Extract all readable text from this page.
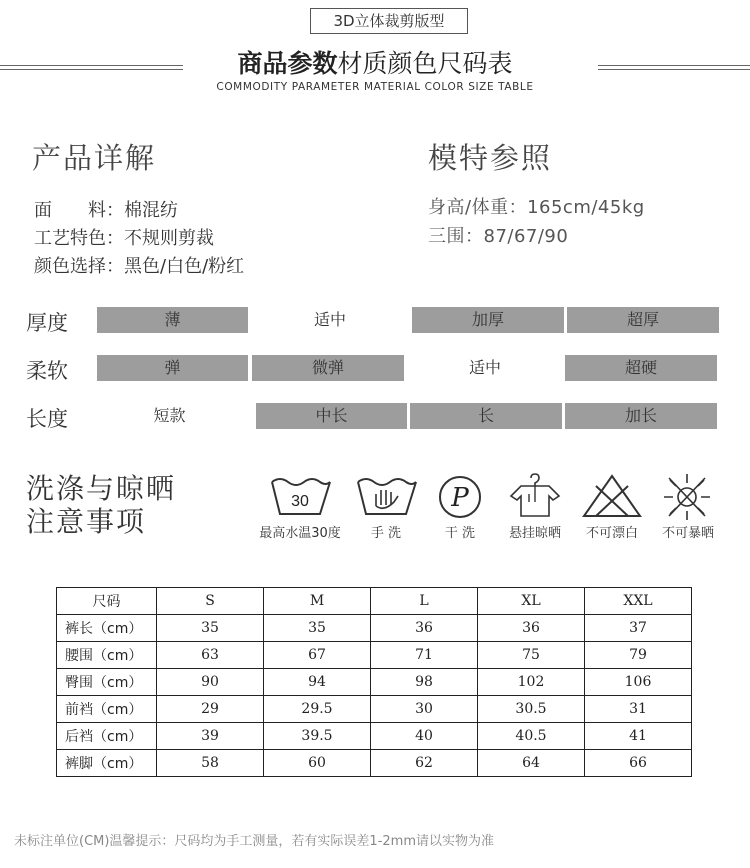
3D立体裁剪版型
商品参数材质颜色尺码表
COMMODITY PARAMETER MATERIAL COLOR SIZE TABLE
产品详解
面　　料：棉混纺
工艺特色：不规则剪裁
颜色选择：黑色/白色/粉红
模特参照
身高/体重：165cm/45kg
三围：87/67/90
厚度	薄	适中	加厚	超厚
柔软	弹	微弹	适中	超硬
长度	短款	中长	长	加长
洗涤与晾晒
注意事项
30
最高水温30度	手 洗
P
干 洗	悬挂晾晒	不可漂白	不可暴晒
尺码	S	M	L	XL	XXL
裤长（cm）	35	35	36	36	37
腰围（cm）	63	67	71	75	79
臀围（cm）	90	94	98	102	106
前裆（cm）	29	29.5	30	30.5	31
后裆（cm）	39	39.5	40	40.5	41
裤脚（cm）	58	60	62	64	66
未标注单位(CM)温馨提示：尺码均为手工测量，若有实际误差1-2mm请以实物为准
